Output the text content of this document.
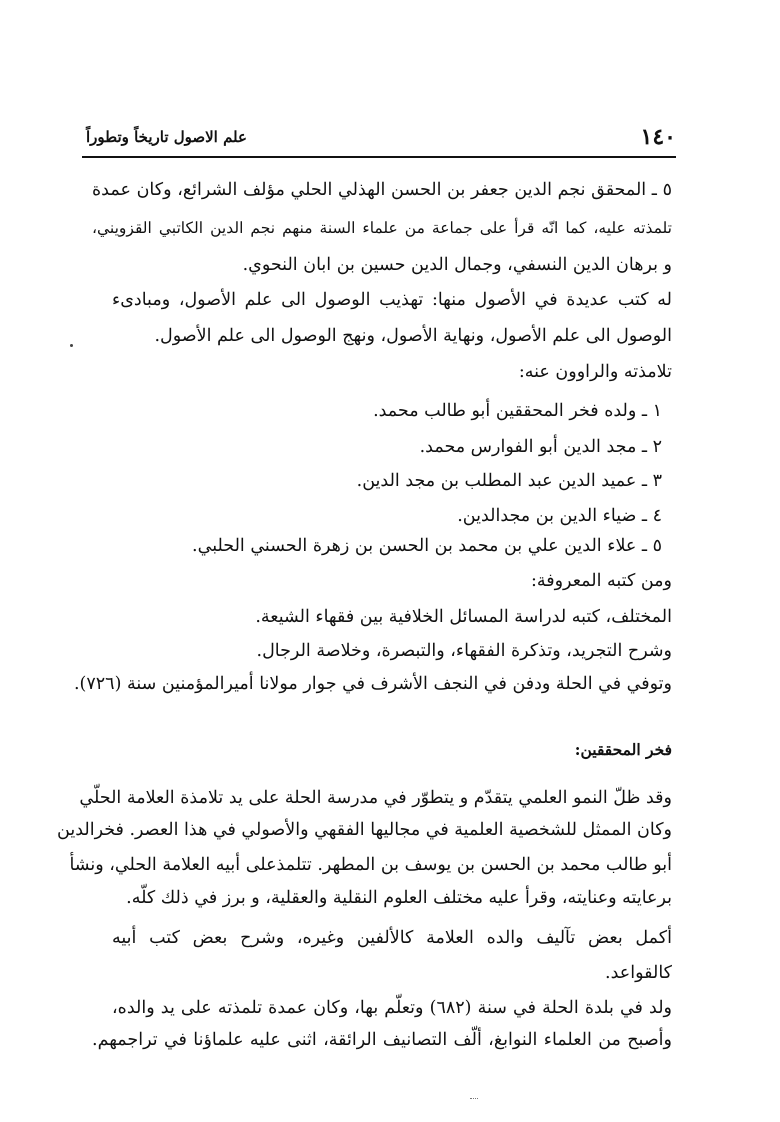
١٤٠
علم الاصول تاريخاً وتطوراً
٥ ـ المحقق نجم الدين جعفر بن الحسن الهذلي الحلي مؤلف الشرائع، وكان عمدة
تلمذته عليه، كما انّه قرأ على جماعة من علماء السنة منهم نجم الدين الكاتبي القزويني،
و برهان الدين النسفي، وجمال الدين حسين بن ابان النحوي.
له كتب عديدة في الأصول منها: تهذيب الوصول الى علم الأصول، ومبادىء
الوصول الى علم الأصول، ونهاية الأصول، ونهج الوصول الى علم الأصول.
تلامذته والراوون عنه:
١ ـ ولده فخر المحققين أبو طالب محمد.
٢ ـ مجد الدين أبو الفوارس محمد.
٣ ـ عميد الدين عبد المطلب بن مجد الدين.
٤ ـ ضياء الدين بن مجدالدين.
٥ ـ علاء الدين علي بن محمد بن الحسن بن زهرة الحسني الحلبي.
ومن كتبه المعروفة:
المختلف، كتبه لدراسة المسائل الخلافية بين فقهاء الشيعة.
وشرح التجريد، وتذكرة الفقهاء، والتبصرة، وخلاصة الرجال.
وتوفي في الحلة ودفن في النجف الأشرف في جوار مولانا أميرالمؤمنين سنة (٧٢٦).
فخر المحققين:
وقد ظلّ النمو العلمي يتقدّم و يتطوّر في مدرسة الحلة على يد تلامذة العلامة الحلّي
وكان الممثل للشخصية العلمية في مجاليها الفقهي والأصولي في هذا العصر. فخرالدين
أبو طالب محمد بن الحسن بن يوسف بن المطهر. تتلمذعلى أبيه العلامة الحلي، ونشأ
برعايته وعنايته، وقرأ عليه مختلف العلوم النقلية والعقلية، و برز في ذلك كلّه.
أكمل بعض تآليف والده العلامة كالألفين وغيره، وشرح بعض كتب أبيه
كالقواعد.
ولد في بلدة الحلة في سنة (٦٨٢) وتعلّم بها، وكان عمدة تلمذته على يد والده،
وأصبح من العلماء النوابغ، ألّف التصانيف الرائقة، اثنى عليه علماؤنا في تراجمهم.
